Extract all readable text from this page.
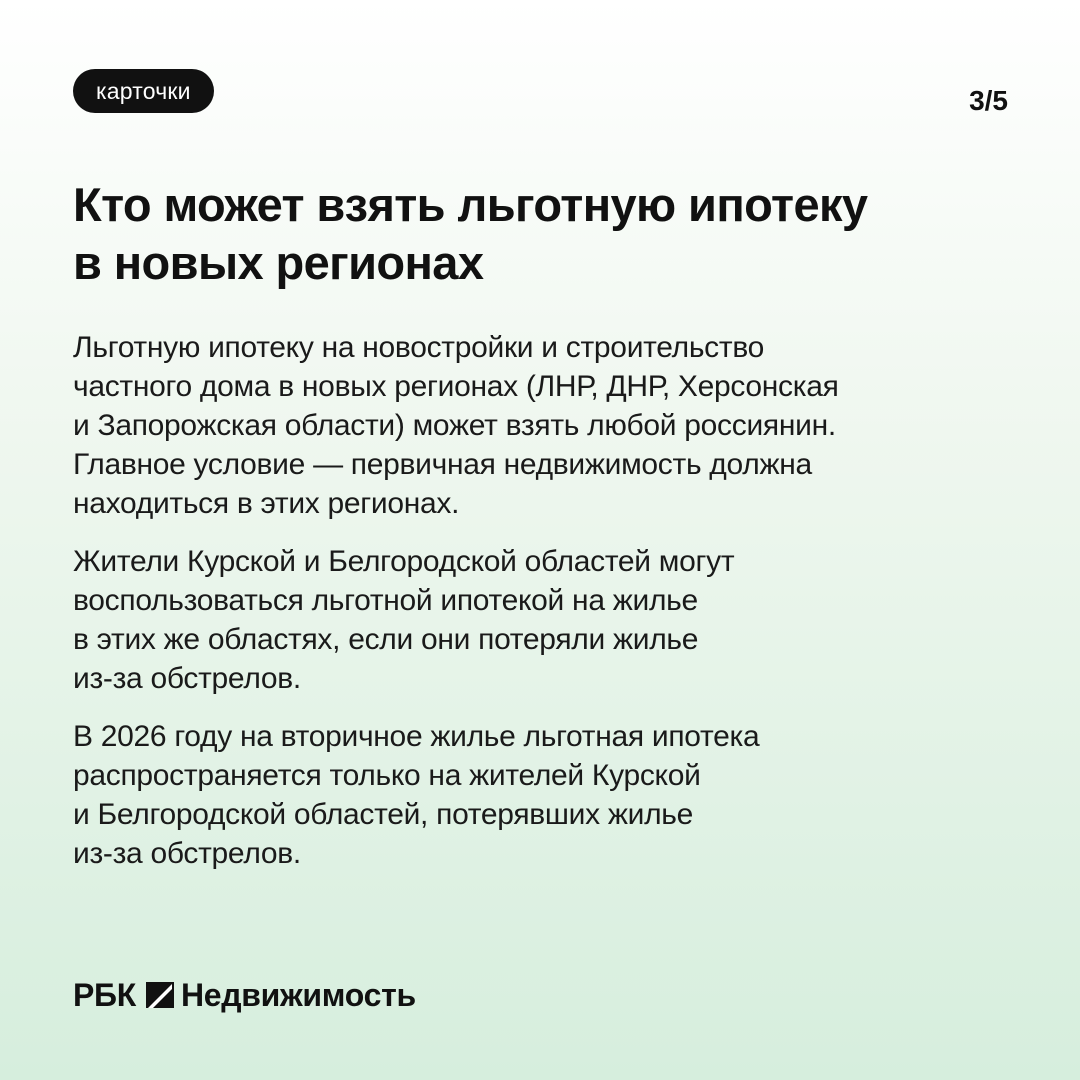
карточки	3/5
Кто может взять льготную ипотеку
в новых регионах

Льготную ипотеку на новостройки и строительство
частного дома в новых регионах (ЛНР, ДНР, Херсонская
и Запорожская области) может взять любой россиянин.
Главное условие — первичная недвижимость должна
находиться в этих регионах.

Жители Курской и Белгородской областей могут
воспользоваться льготной ипотекой на жилье
в этих же областях, если они потеряли жилье
из-за обстрелов.

В 2026 году на вторичное жилье льготная ипотека
распространяется только на жителей Курской
и Белгородской областей, потерявших жилье
из-за обстрелов.

РБК Недвижимость
